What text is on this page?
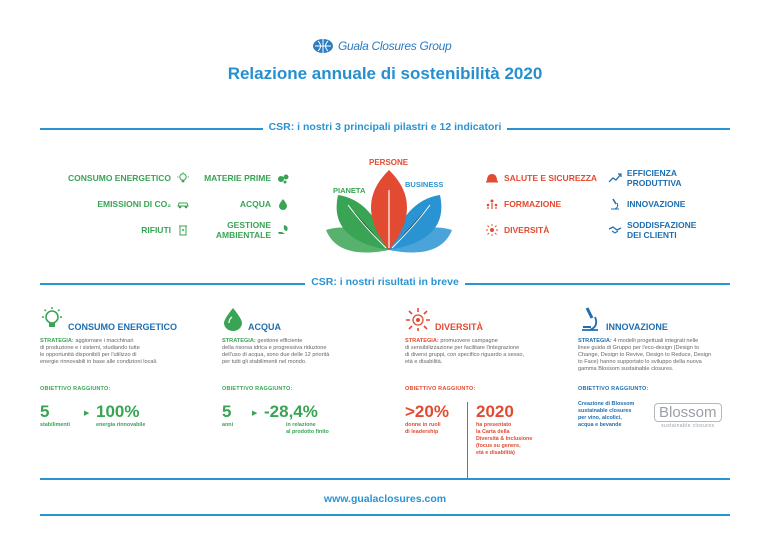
Guala Closures Group
Relazione annuale di sostenibilità 2020
CSR: i nostri 3 principali pilastri e 12 indicatori
CONSUMO ENERGETICO
EMISSIONI DI CO₂
RIFIUTI
MATERIE PRIME
ACQUA
GESTIONE
AMBIENTALE
PERSONE
PIANETA
BUSINESS
SALUTE E SICUREZZA
FORMAZIONE
DIVERSITÀ
EFFICIENZA PRODUTTIVA
INNOVAZIONE
SODDISFAZIONE
DEI CLIENTI
CSR: i nostri risultati in breve
CONSUMO ENERGETICO
STRATEGIA: aggiornare i macchinari
di produzione e i sistemi, studiando tutte
le opportunità disponibili per l'utilizzo di
energie rinnovabili in base alle condizioni locali.
OBIETTIVO RAGGIUNTO:
5
stabilimenti
▶ 100%
energia rinnovabile
ACQUA
STRATEGIA: gestione efficiente
della risorsa idrica e progressiva riduzione
dell'uso di acqua, sono due delle 12 priorità
per tutti gli stabilimenti nel mondo.
OBIETTIVO RAGGIUNTO:
5
anni
▶ -28,4%
in relazione
al prodotto finito
DIVERSITÀ
STRATEGIA: promuovere campagne
di sensibilizzazione per facilitare l'integrazione
di diversi gruppi, con specifico riguardo a sesso,
età e disabilità.
OBIETTIVO RAGGIUNTO:
>20%
donne in ruoli
di leadership
2020
ha presentato
la Carta della
Diversità & Inclusione
(focus su genere,
età e disabilità)
INNOVAZIONE
STRATEGIA: 4 modelli progettuali integrati nelle
linee guida di Gruppo per l'eco-design (Design to
Change, Design to Revive, Design to Reduce, Design
to Face) hanno supportato lo sviluppo della nuova
gamma Blossom sustainable closures.
OBIETTIVO RAGGIUNTO:
Creazione di Blossom
sustainable closures
per vino, alcolici,
acqua e bevande
Blossom
sustainable closures
www.gualaclosures.com
